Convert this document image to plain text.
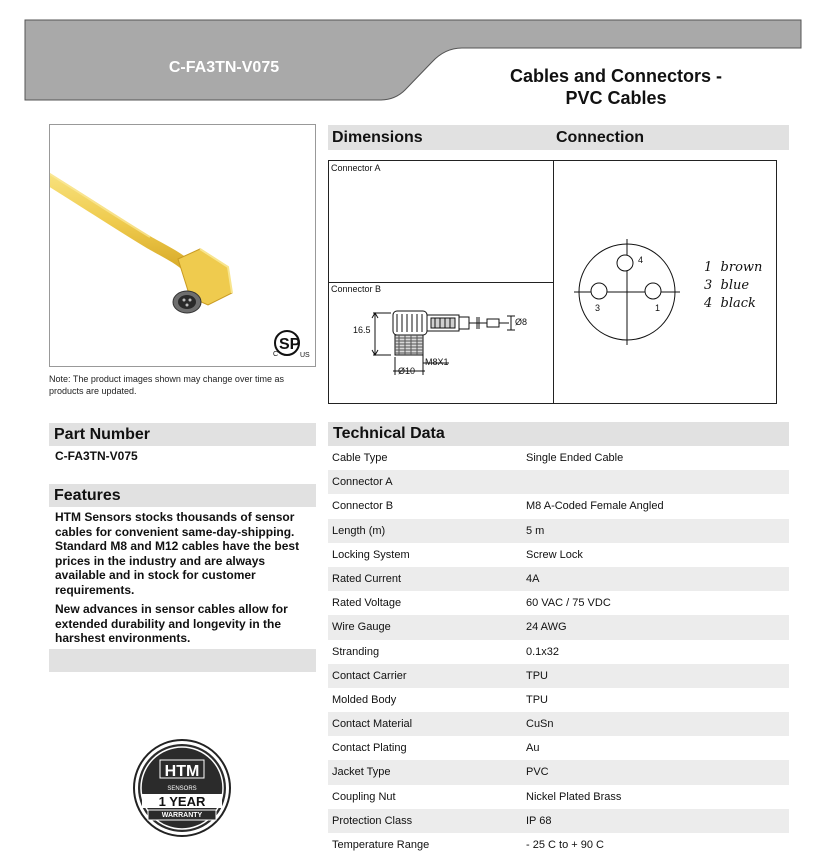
C-FA3TN-V075	Cables and Connectors -
PVC Cables
SP
C	US
Note: The product images shown may change over time as products are updated.
Dimensions	Connection
Connector A
Connector B
16.5
Ø8
Ø10
M8X1
4
3	1
1  brown
3  blue
4  black
Part Number
C-FA3TN-V075
Features

HTM Sensors stocks thousands of sensor cables for convenient same-day-shipping. Standard M8 and M12 cables have the best prices in the industry and are always available and in stock for customer requirements.

New advances in sensor cables allow for extended durability and longevity in the harshest environments.

Technical Data
Cable Type	Single Ended Cable
Connector A
Connector B	M8 A-Coded Female Angled
Length (m)	5 m
Locking System	Screw Lock
Rated Current	4A
Rated Voltage	60 VAC / 75 VDC
Wire Gauge	24 AWG
Stranding	0.1x32
Contact Carrier	TPU
Molded Body	TPU
Contact Material	CuSn
Contact Plating	Au
Jacket Type	PVC
Coupling Nut	Nickel Plated Brass
Protection Class	IP 68
Temperature Range	- 25 C to + 90 C
HTM
SENSORS
1 YEAR
WARRANTY
